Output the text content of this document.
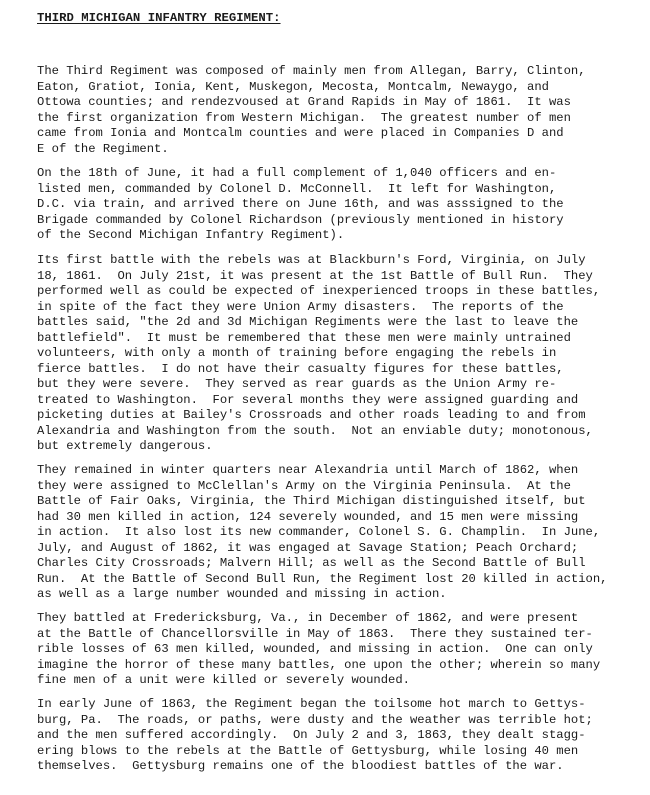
THIRD MICHIGAN INFANTRY REGIMENT:

The Third Regiment was composed of mainly men from Allegan, Barry, Clinton,
Eaton, Gratiot, Ionia, Kent, Muskegon, Mecosta, Montcalm, Newaygo, and
Ottowa counties; and rendezvoused at Grand Rapids in May of 1861.  It was
the first organization from Western Michigan.  The greatest number of men
came from Ionia and Montcalm counties and were placed in Companies D and
E of the Regiment.

On the 18th of June, it had a full complement of 1,040 officers and en-
listed men, commanded by Colonel D. McConnell.  It left for Washington,
D.C. via train, and arrived there on June 16th, and was asssigned to the
Brigade commanded by Colonel Richardson (previously mentioned in history
of the Second Michigan Infantry Regiment).

Its first battle with the rebels was at Blackburn's Ford, Virginia, on July
18, 1861.  On July 21st, it was present at the 1st Battle of Bull Run.  They
performed well as could be expected of inexperienced troops in these battles,
in spite of the fact they were Union Army disasters.  The reports of the
battles said, "the 2d and 3d Michigan Regiments were the last to leave the
battlefield".  It must be remembered that these men were mainly untrained
volunteers, with only a month of training before engaging the rebels in
fierce battles.  I do not have their casualty figures for these battles,
but they were severe.  They served as rear guards as the Union Army re-
treated to Washington.  For several months they were assigned guarding and
picketing duties at Bailey's Crossroads and other roads leading to and from
Alexandria and Washington from the south.  Not an enviable duty; monotonous,
but extremely dangerous.

They remained in winter quarters near Alexandria until March of 1862, when
they were assigned to McClellan's Army on the Virginia Peninsula.  At the
Battle of Fair Oaks, Virginia, the Third Michigan distinguished itself, but
had 30 men killed in action, 124 severely wounded, and 15 men were missing
in action.  It also lost its new commander, Colonel S. G. Champlin.  In June,
July, and August of 1862, it was engaged at Savage Station; Peach Orchard;
Charles City Crossroads; Malvern Hill; as well as the Second Battle of Bull
Run.  At the Battle of Second Bull Run, the Regiment lost 20 killed in action,
as well as a large number wounded and missing in action.

They battled at Fredericksburg, Va., in December of 1862, and were present
at the Battle of Chancellorsville in May of 1863.  There they sustained ter-
rible losses of 63 men killed, wounded, and missing in action.  One can only
imagine the horror of these many battles, one upon the other; wherein so many
fine men of a unit were killed or severely wounded.

In early June of 1863, the Regiment began the toilsome hot march to Gettys-
burg, Pa.  The roads, or paths, were dusty and the weather was terrible hot;
and the men suffered accordingly.  On July 2 and 3, 1863, they dealt stagg-
ering blows to the rebels at the Battle of Gettysburg, while losing 40 men
themselves.  Gettysburg remains one of the bloodiest battles of the war.
